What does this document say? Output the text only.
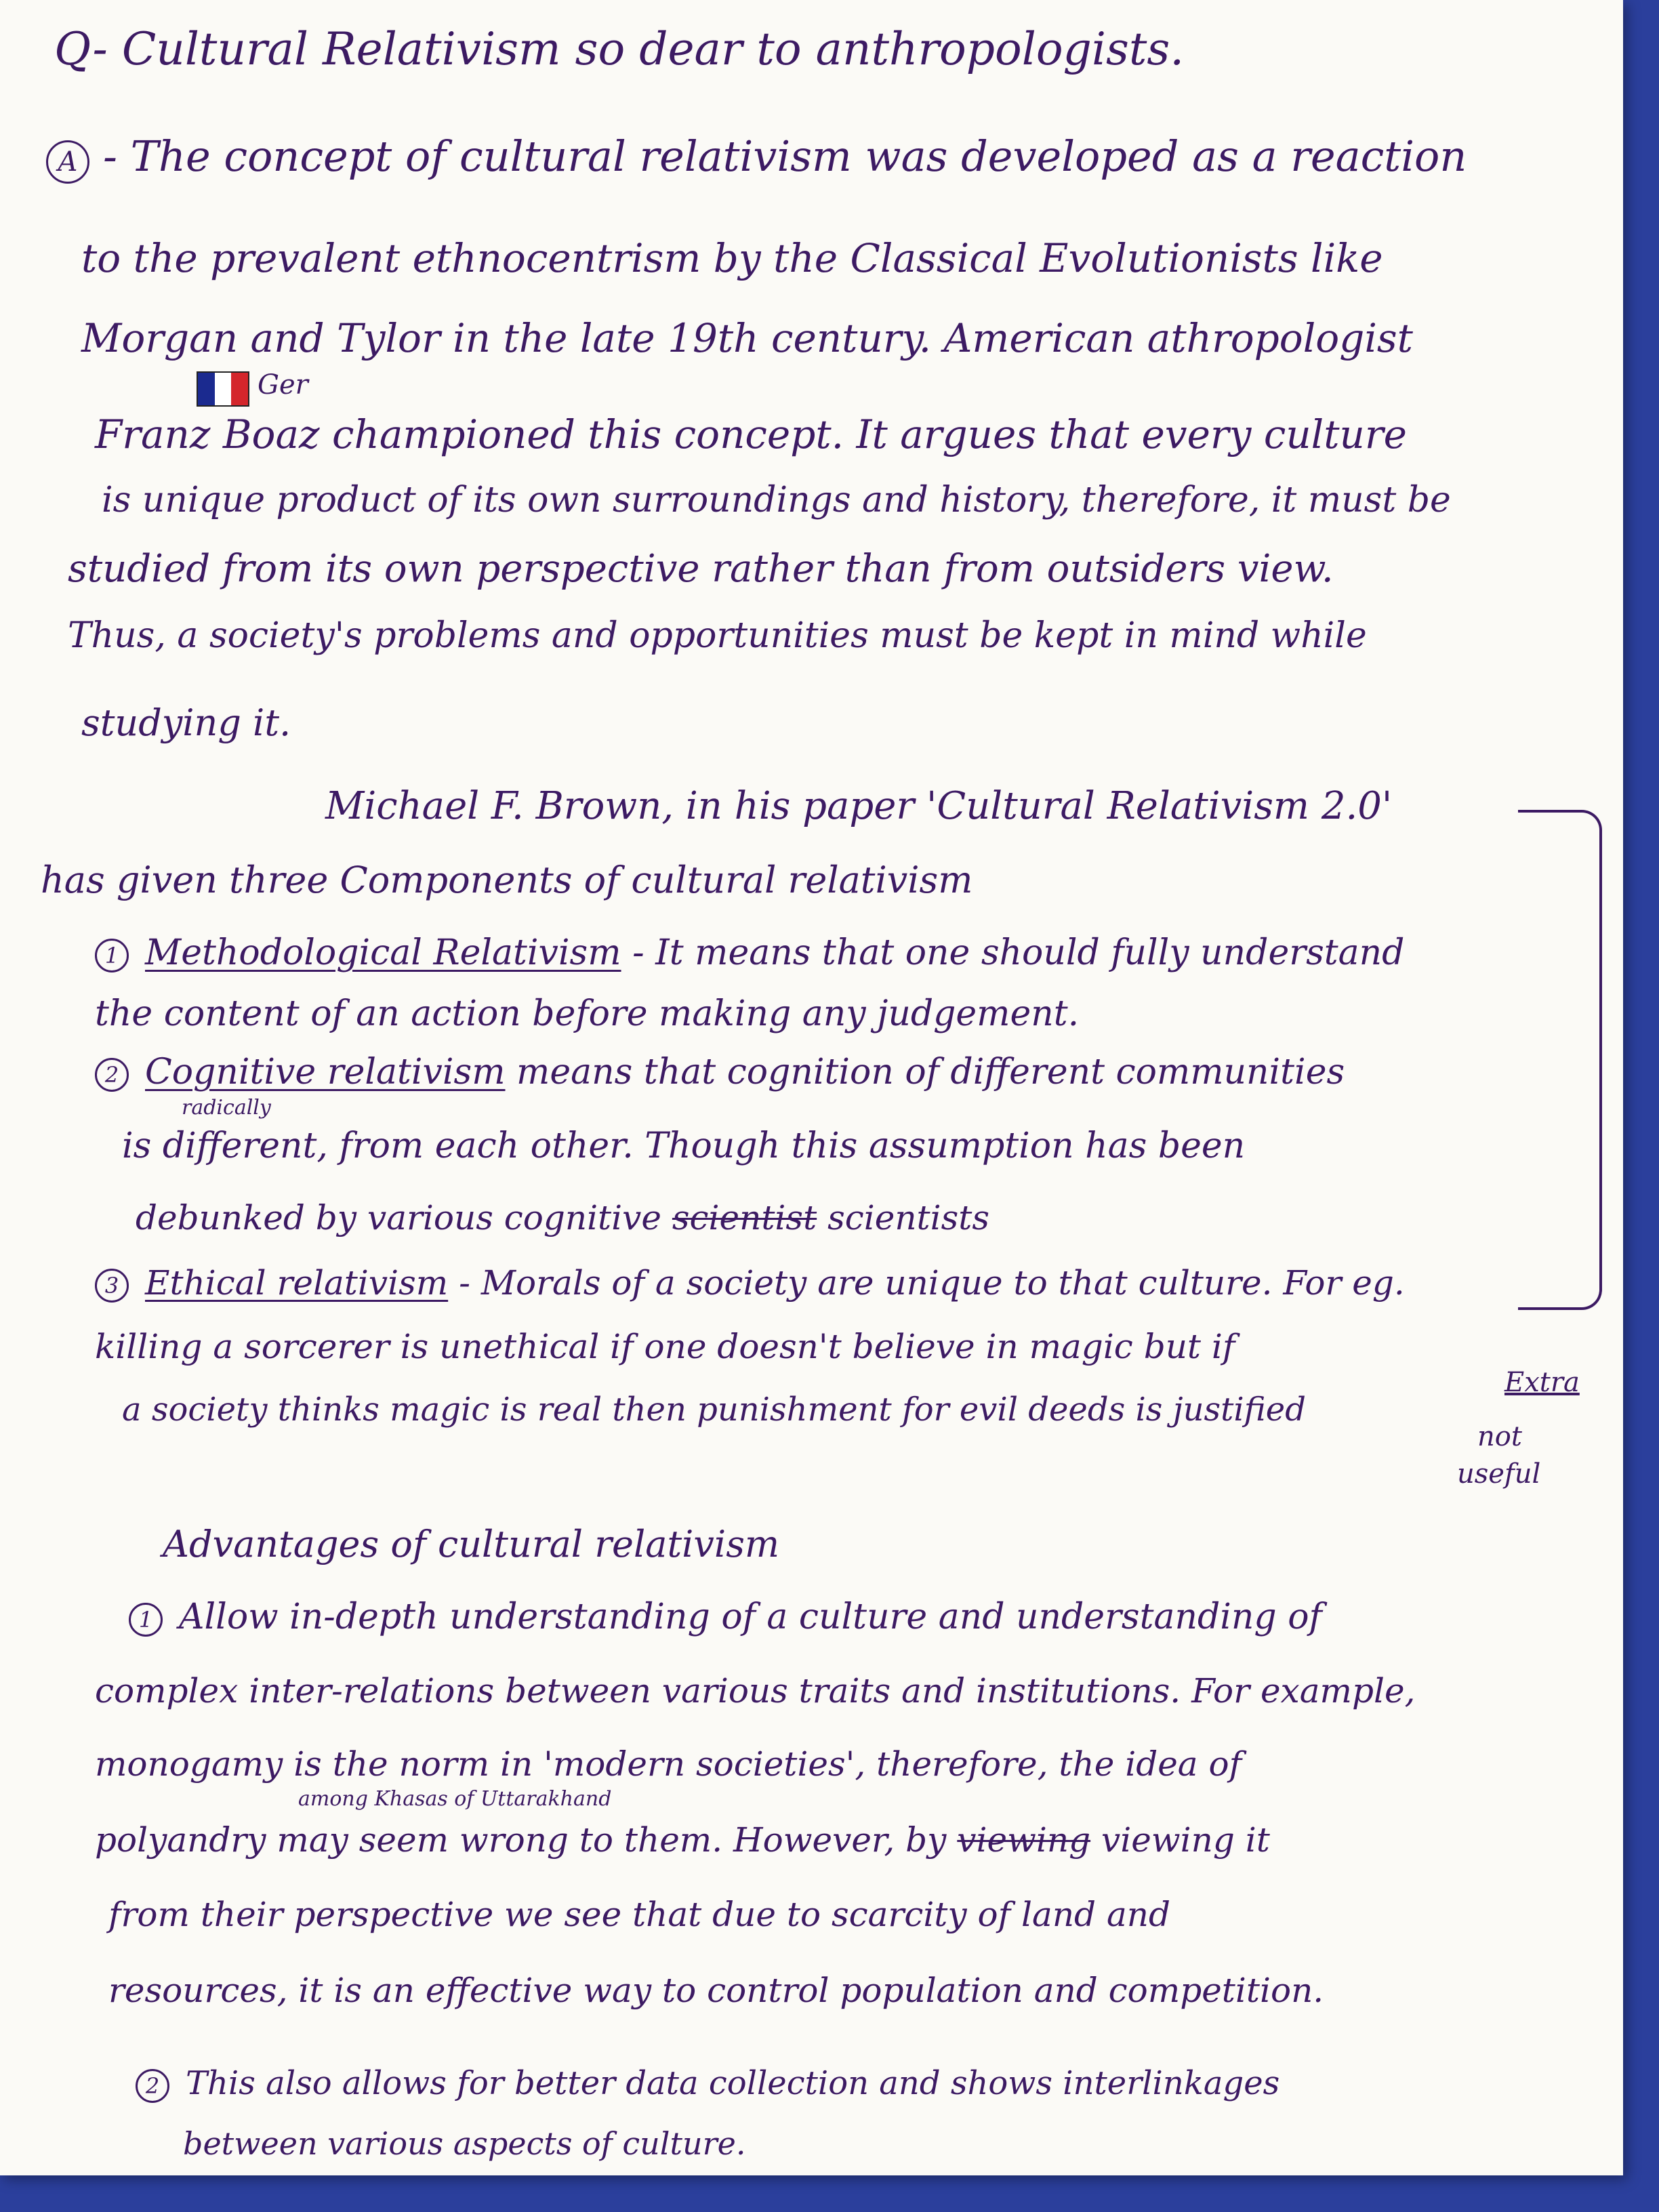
Q- Cultural Relativism so dear to anthropologists.
A - The concept of cultural relativism was developed as a reaction
to the prevalent ethnocentrism by the Classical Evolutionists like
Morgan and Tylor in the late 19th century. American athropologist
Ger
Franz Boaz championed this concept. It argues that every culture
is unique product of its own surroundings and history, therefore, it must be
studied from its own perspective rather than from outsiders view.
Thus, a society's problems and opportunities must be kept in mind while
studying it.
Michael F. Brown, in his paper 'Cultural Relativism 2.0'
has given three Components of cultural relativism
1 Methodological Relativism - It means that one should fully understand
the content of an action before making any judgement.
2 Cognitive relativism means that cognition of different communities
radically
is different, from each other. Though this assumption has been
debunked by various cognitive scientist scientists
3 Ethical relativism - Morals of a society are unique to that culture. For eg.
killing a sorcerer is unethical if one doesn't believe in magic but if
a society thinks magic is real then punishment for evil deeds is justified
Extra
not
useful
Advantages of cultural relativism
1 Allow in-depth understanding of a culture and understanding of
complex inter-relations between various traits and institutions. For example,
monogamy is the norm in 'modern societies', therefore, the idea of
among Khasas of Uttarakhand
polyandry may seem wrong to them. However, by viewing viewing it
from their perspective we see that due to scarcity of land and
resources, it is an effective way to control population and competition.
2 This also allows for better data collection and shows interlinkages
between various aspects of culture.
